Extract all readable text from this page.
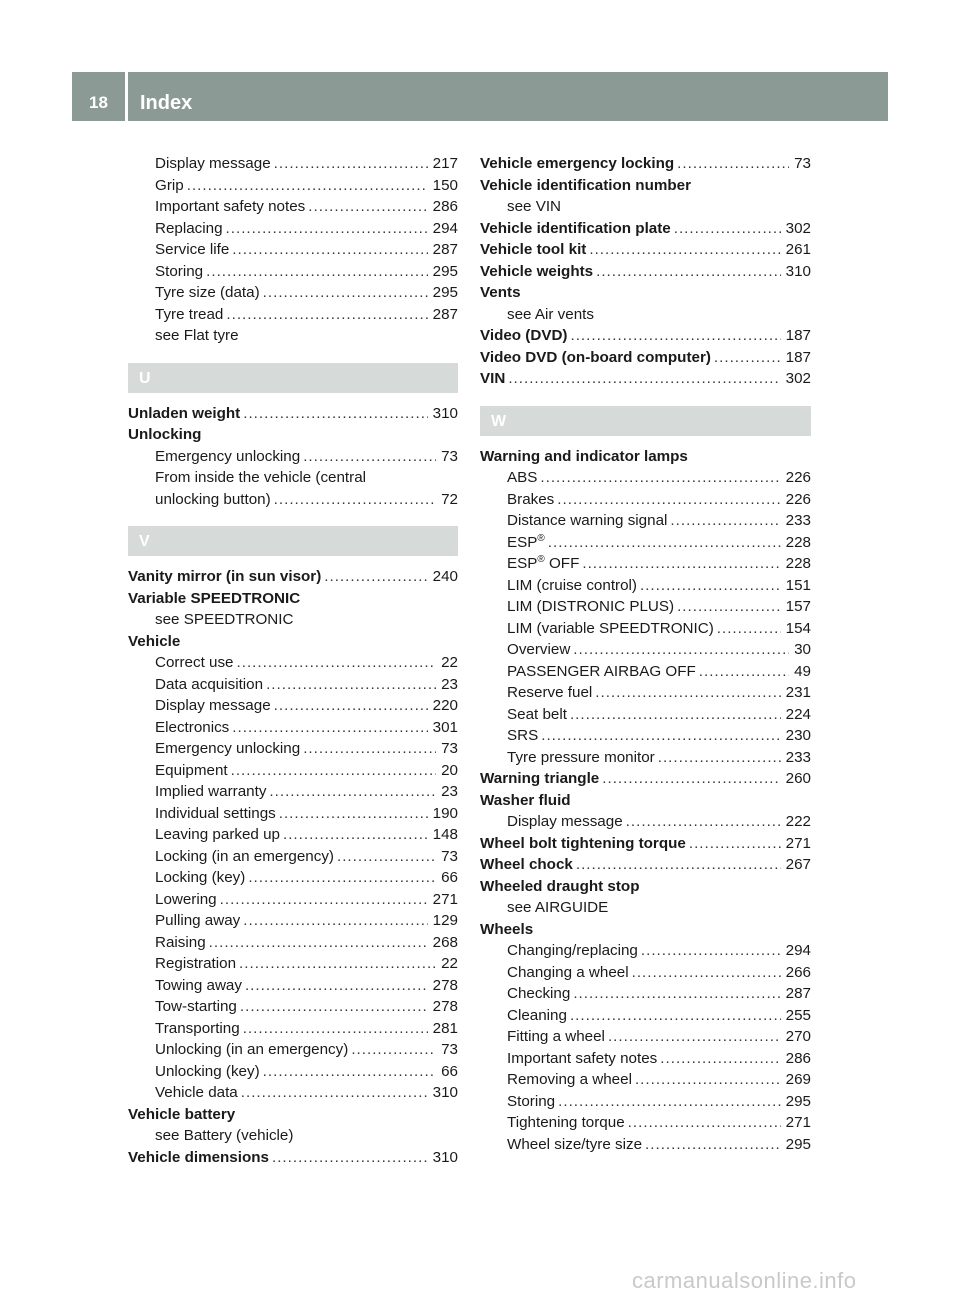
18	Index
Display message .....	217
Grip .....	150
Important safety notes .....	286
Replacing .....	294
Service life .....	287
Storing .....	295
Tyre size (data) .....	295
Tyre tread .....	287
see Flat tyre
U
Unladen weight .....	310
Unlocking
Emergency unlocking .....	73
From inside the vehicle (central
unlocking button) .....	72
V
Vanity mirror (in sun visor) .....	240
Variable SPEEDTRONIC
see SPEEDTRONIC
Vehicle
Correct use .....	22
Data acquisition .....	23
Display message .....	220
Electronics .....	301
Emergency unlocking .....	73
Equipment .....	20
Implied warranty .....	23
Individual settings .....	190
Leaving parked up .....	148
Locking (in an emergency) .....	73
Locking (key) .....	66
Lowering .....	271
Pulling away .....	129
Raising .....	268
Registration .....	22
Towing away .....	278
Tow-starting .....	278
Transporting .....	281
Unlocking (in an emergency) .....	73
Unlocking (key) .....	66
Vehicle data .....	310
Vehicle battery
see Battery (vehicle)
Vehicle dimensions .....	310
Vehicle emergency locking .....	73
Vehicle identification number
see VIN
Vehicle identification plate .....	302
Vehicle tool kit .....	261
Vehicle weights .....	310
Vents
see Air vents
Video (DVD) .....	187
Video DVD (on-board computer) .....	187
VIN .....	302
W
Warning and indicator lamps
ABS .....	226
Brakes .....	226
Distance warning signal .....	233
ESP® .....	228
ESP® OFF .....	228
LIM (cruise control) .....	151
LIM (DISTRONIC PLUS) .....	157
LIM (variable SPEEDTRONIC) .....	154
Overview .....	30
PASSENGER AIRBAG OFF .....	49
Reserve fuel .....	231
Seat belt .....	224
SRS .....	230
Tyre pressure monitor .....	233
Warning triangle .....	260
Washer fluid
Display message .....	222
Wheel bolt tightening torque .....	271
Wheel chock .....	267
Wheeled draught stop
see AIRGUIDE
Wheels
Changing/replacing .....	294
Changing a wheel .....	266
Checking .....	287
Cleaning .....	255
Fitting a wheel .....	270
Important safety notes .....	286
Removing a wheel .....	269
Storing .....	295
Tightening torque .....	271
Wheel size/tyre size .....	295
carmanualsonline.info
